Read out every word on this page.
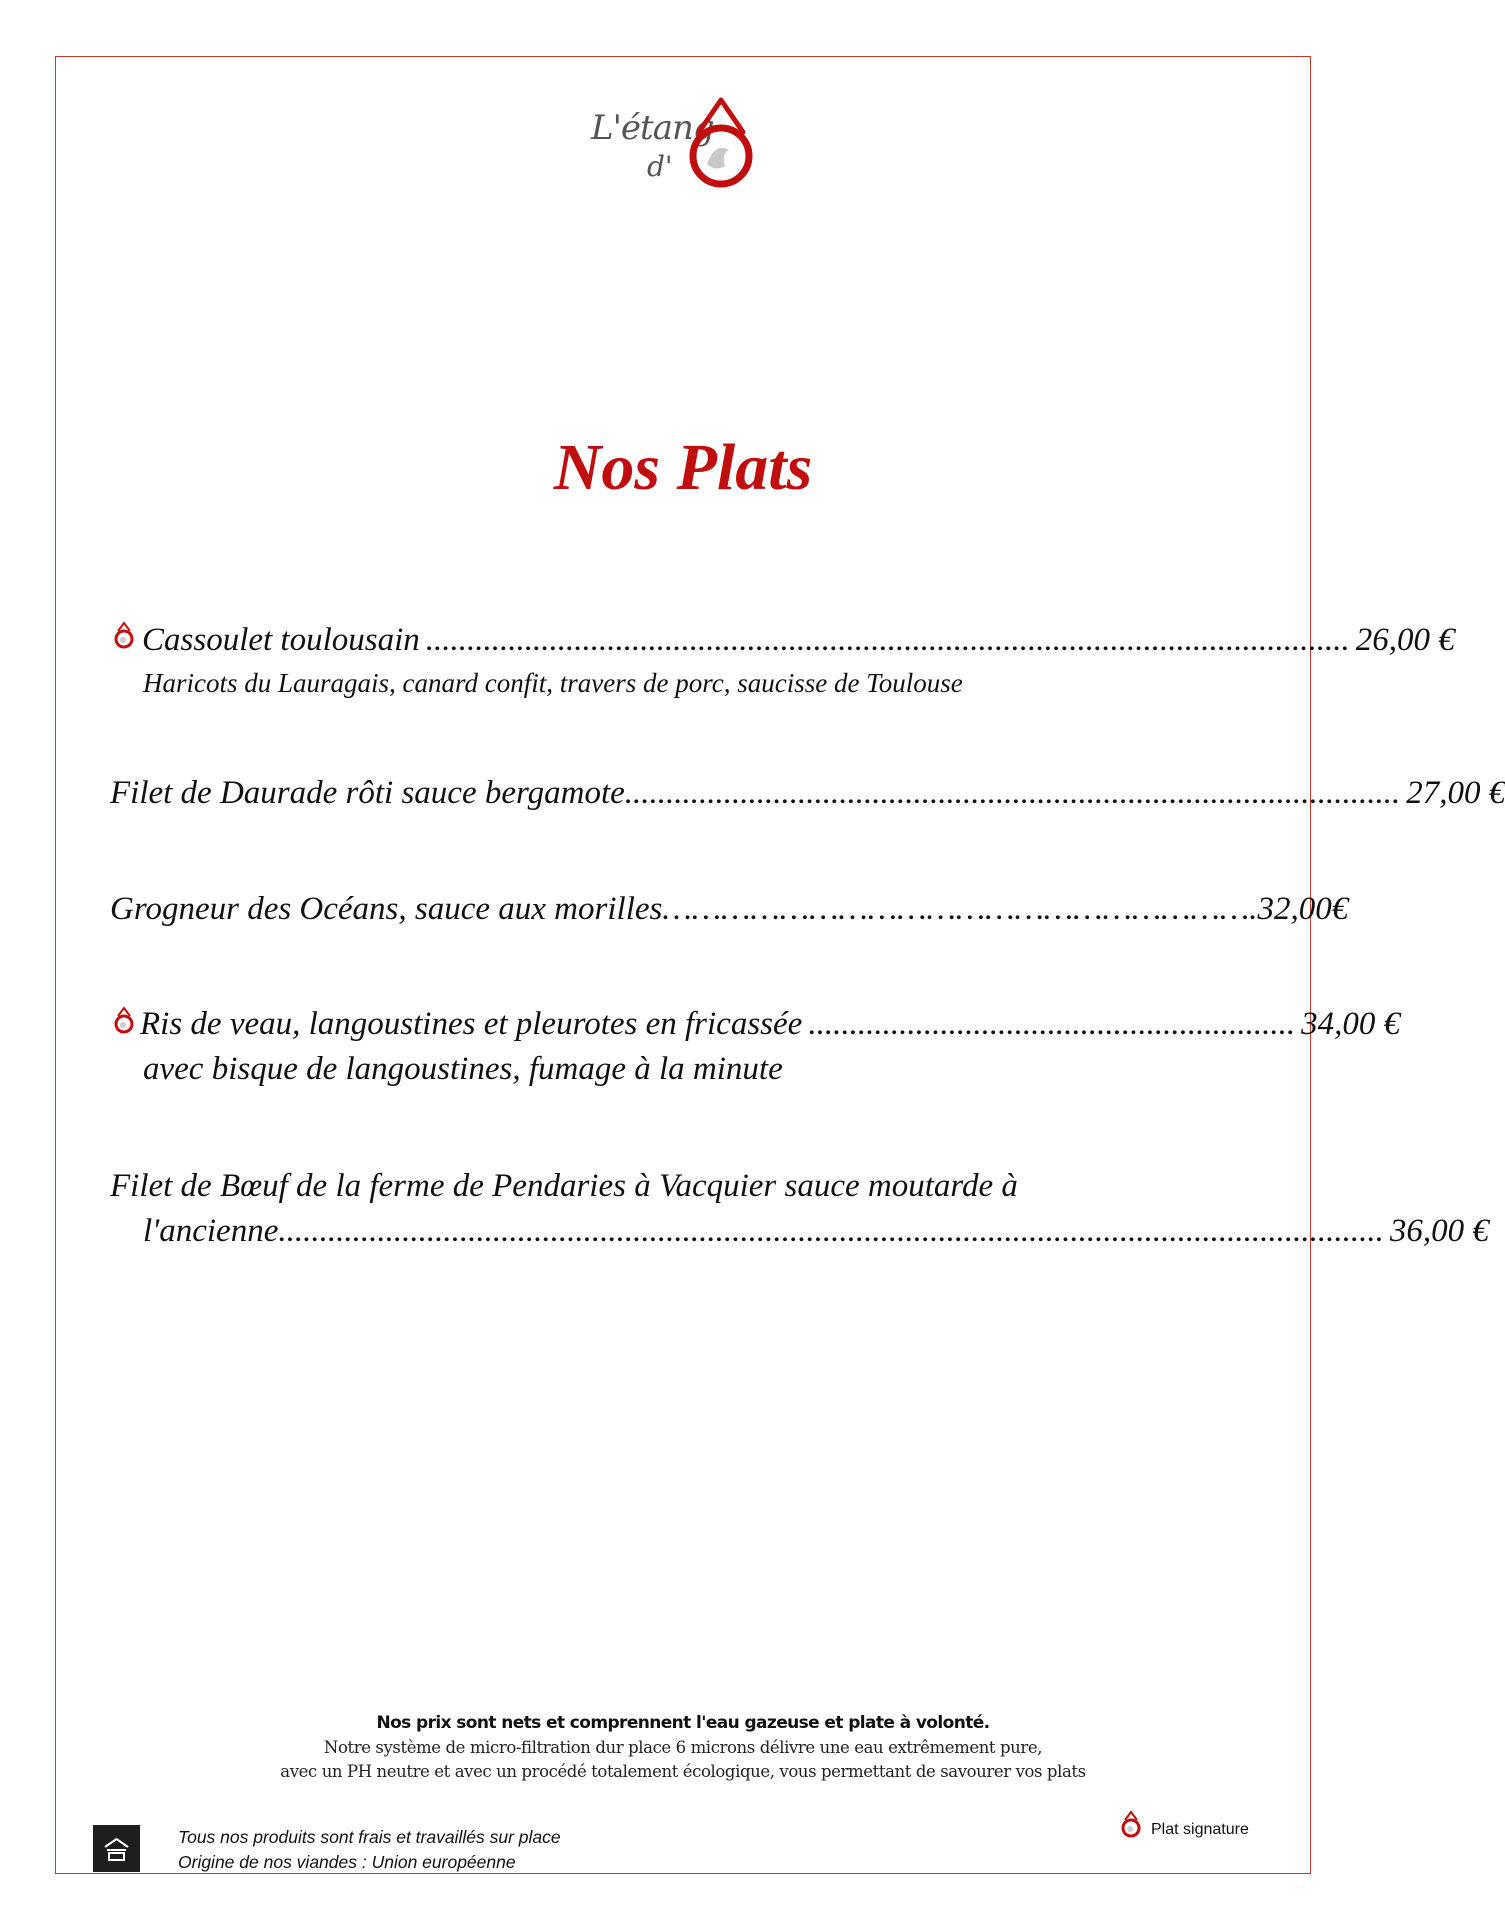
L'étang
d'
Nos Plats
Cassoulet toulousain ................................................................................................................ 26,00 €
Haricots du Lauragais, canard confit, travers de porc, saucisse de Toulouse
Filet de Daurade rôti sauce bergamote .............................................................................................. 27,00 €
Grogneur des Océans, sauce aux morilles ……………………………………………………. 32,00€
Ris de veau, langoustines et pleurotes en fricassée ........................................................... 34,00 €
avec bisque de langoustines, fumage à la minute
Filet de Bœuf de la ferme de Pendaries à Vacquier sauce moutarde à
l'ancienne ...................................................................................................................................... 36,00 €
Nos prix sont nets et comprennent l'eau gazeuse et plate à volonté.
Notre système de micro-filtration dur place 6 microns délivre une eau extrêmement pure,
avec un PH neutre et avec un procédé totalement écologique, vous permettant de savourer vos plats
Tous nos produits sont frais et travaillés sur place
Origine de nos viandes : Union européenne
Plat signature
